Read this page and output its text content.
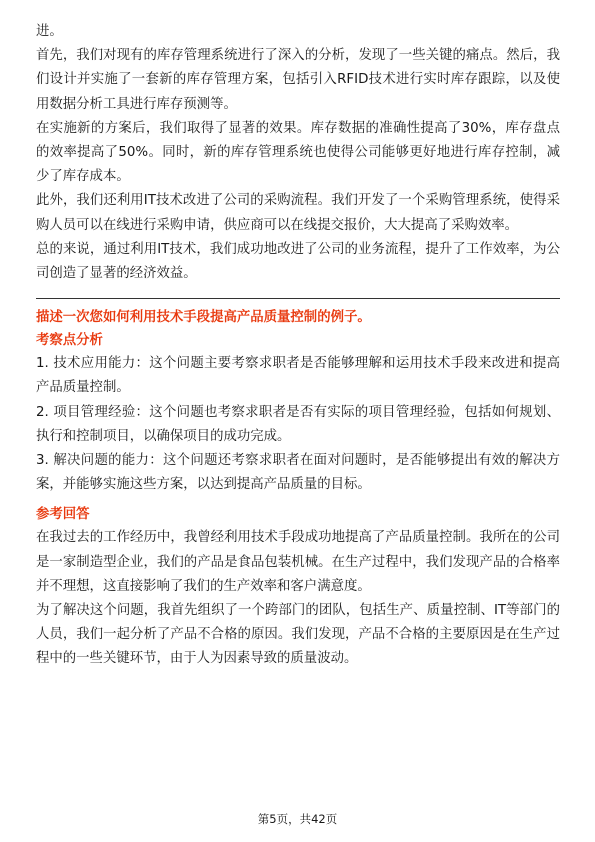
进。

首先，我们对现有的库存管理系统进行了深入的分析，发现了一些关键的痛点。然后，我们设计并实施了一套新的库存管理方案，包括引入RFID技术进行实时库存跟踪，以及使用数据分析工具进行库存预测等。

在实施新的方案后，我们取得了显著的效果。库存数据的准确性提高了30%，库存盘点的效率提高了50%。同时，新的库存管理系统也使得公司能够更好地进行库存控制，减少了库存成本。

此外，我们还利用IT技术改进了公司的采购流程。我们开发了一个采购管理系统，使得采购人员可以在线进行采购申请，供应商可以在线提交报价，大大提高了采购效率。

总的来说，通过利用IT技术，我们成功地改进了公司的业务流程，提升了工作效率，为公司创造了显著的经济效益。

描述一次您如何利用技术手段提高产品质量控制的例子。

考察点分析

1. 技术应用能力：这个问题主要考察求职者是否能够理解和运用技术手段来改进和提高产品质量控制。

2. 项目管理经验：这个问题也考察求职者是否有实际的项目管理经验，包括如何规划、执行和控制项目，以确保项目的成功完成。

3. 解决问题的能力：这个问题还考察求职者在面对问题时，是否能够提出有效的解决方案，并能够实施这些方案，以达到提高产品质量的目标。

参考回答

在我过去的工作经历中，我曾经利用技术手段成功地提高了产品质量控制。我所在的公司是一家制造型企业，我们的产品是食品包装机械。在生产过程中，我们发现产品的合格率并不理想，这直接影响了我们的生产效率和客户满意度。

为了解决这个问题，我首先组织了一个跨部门的团队，包括生产、质量控制、IT等部门的人员，我们一起分析了产品不合格的原因。我们发现，产品不合格的主要原因是在生产过程中的一些关键环节，由于人为因素导致的质量波动。

第5页，共42页
